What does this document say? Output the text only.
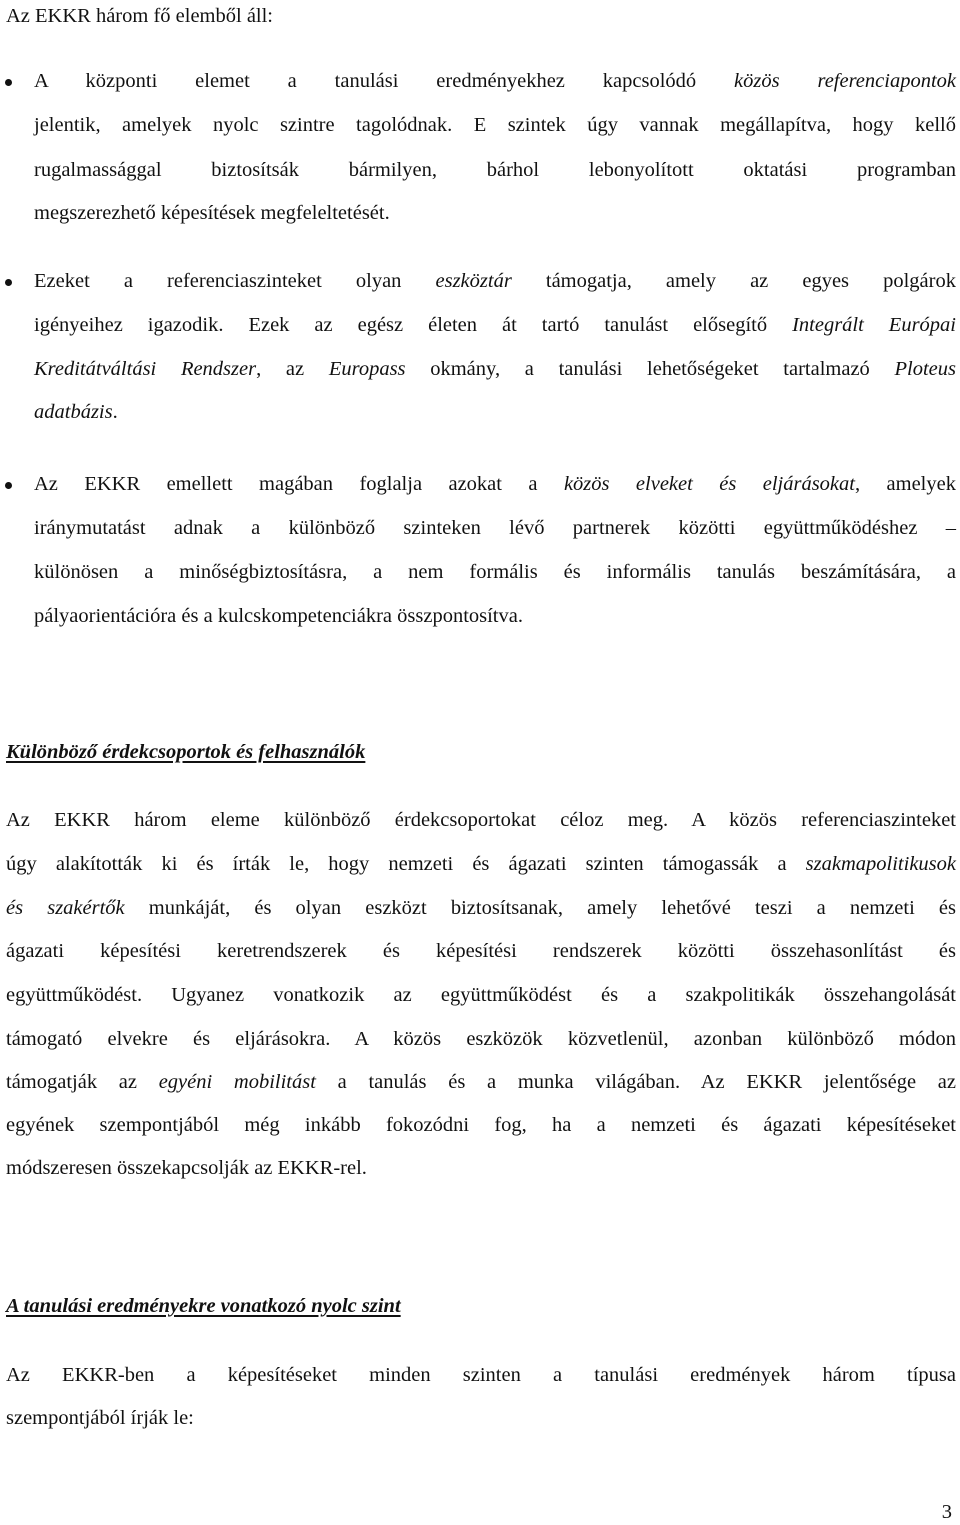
Az EKKR három fő elemből áll:
A központi elemet a tanulási eredményekhez kapcsolódó közös referenciapontok
jelentik, amelyek nyolc szintre tagolódnak. E szintek úgy vannak megállapítva, hogy kellő
rugalmassággal biztosítsák bármilyen, bárhol lebonyolított oktatási programban
megszerezhető képesítések megfeleltetését.
Ezeket a referenciaszinteket olyan eszköztár támogatja, amely az egyes polgárok
igényeihez igazodik. Ezek az egész életen át tartó tanulást elősegítő Integrált Európai
Kreditátváltási Rendszer, az Europass okmány, a tanulási lehetőségeket tartalmazó Ploteus
adatbázis.
Az EKKR emellett magában foglalja azokat a közös elveket és eljárásokat, amelyek
iránymutatást adnak a különböző szinteken lévő partnerek közötti együttműködéshez –
különösen a minőségbiztosításra, a nem formális és informális tanulás beszámítására, a
pályaorientációra és a kulcskompetenciákra összpontosítva.
Különböző érdekcsoportok és felhasználók
Az EKKR három eleme különböző érdekcsoportokat céloz meg. A közös referenciaszinteket
úgy alakították ki és írták le, hogy nemzeti és ágazati szinten támogassák a szakmapolitikusok
és szakértők munkáját, és olyan eszközt biztosítsanak, amely lehetővé teszi a nemzeti és
ágazati képesítési keretrendszerek és képesítési rendszerek közötti összehasonlítást és
együttműködést. Ugyanez vonatkozik az együttműködést és a szakpolitikák összehangolását
támogató elvekre és eljárásokra. A közös eszközök közvetlenül, azonban különböző módon
támogatják az egyéni mobilitást a tanulás és a munka világában. Az EKKR jelentősége az
egyének szempontjából még inkább fokozódni fog, ha a nemzeti és ágazati képesítéseket
módszeresen összekapcsolják az EKKR-rel.
A tanulási eredményekre vonatkozó nyolc szint
Az EKKR-ben a képesítéseket minden szinten a tanulási eredmények három típusa
szempontjából írják le:
3
